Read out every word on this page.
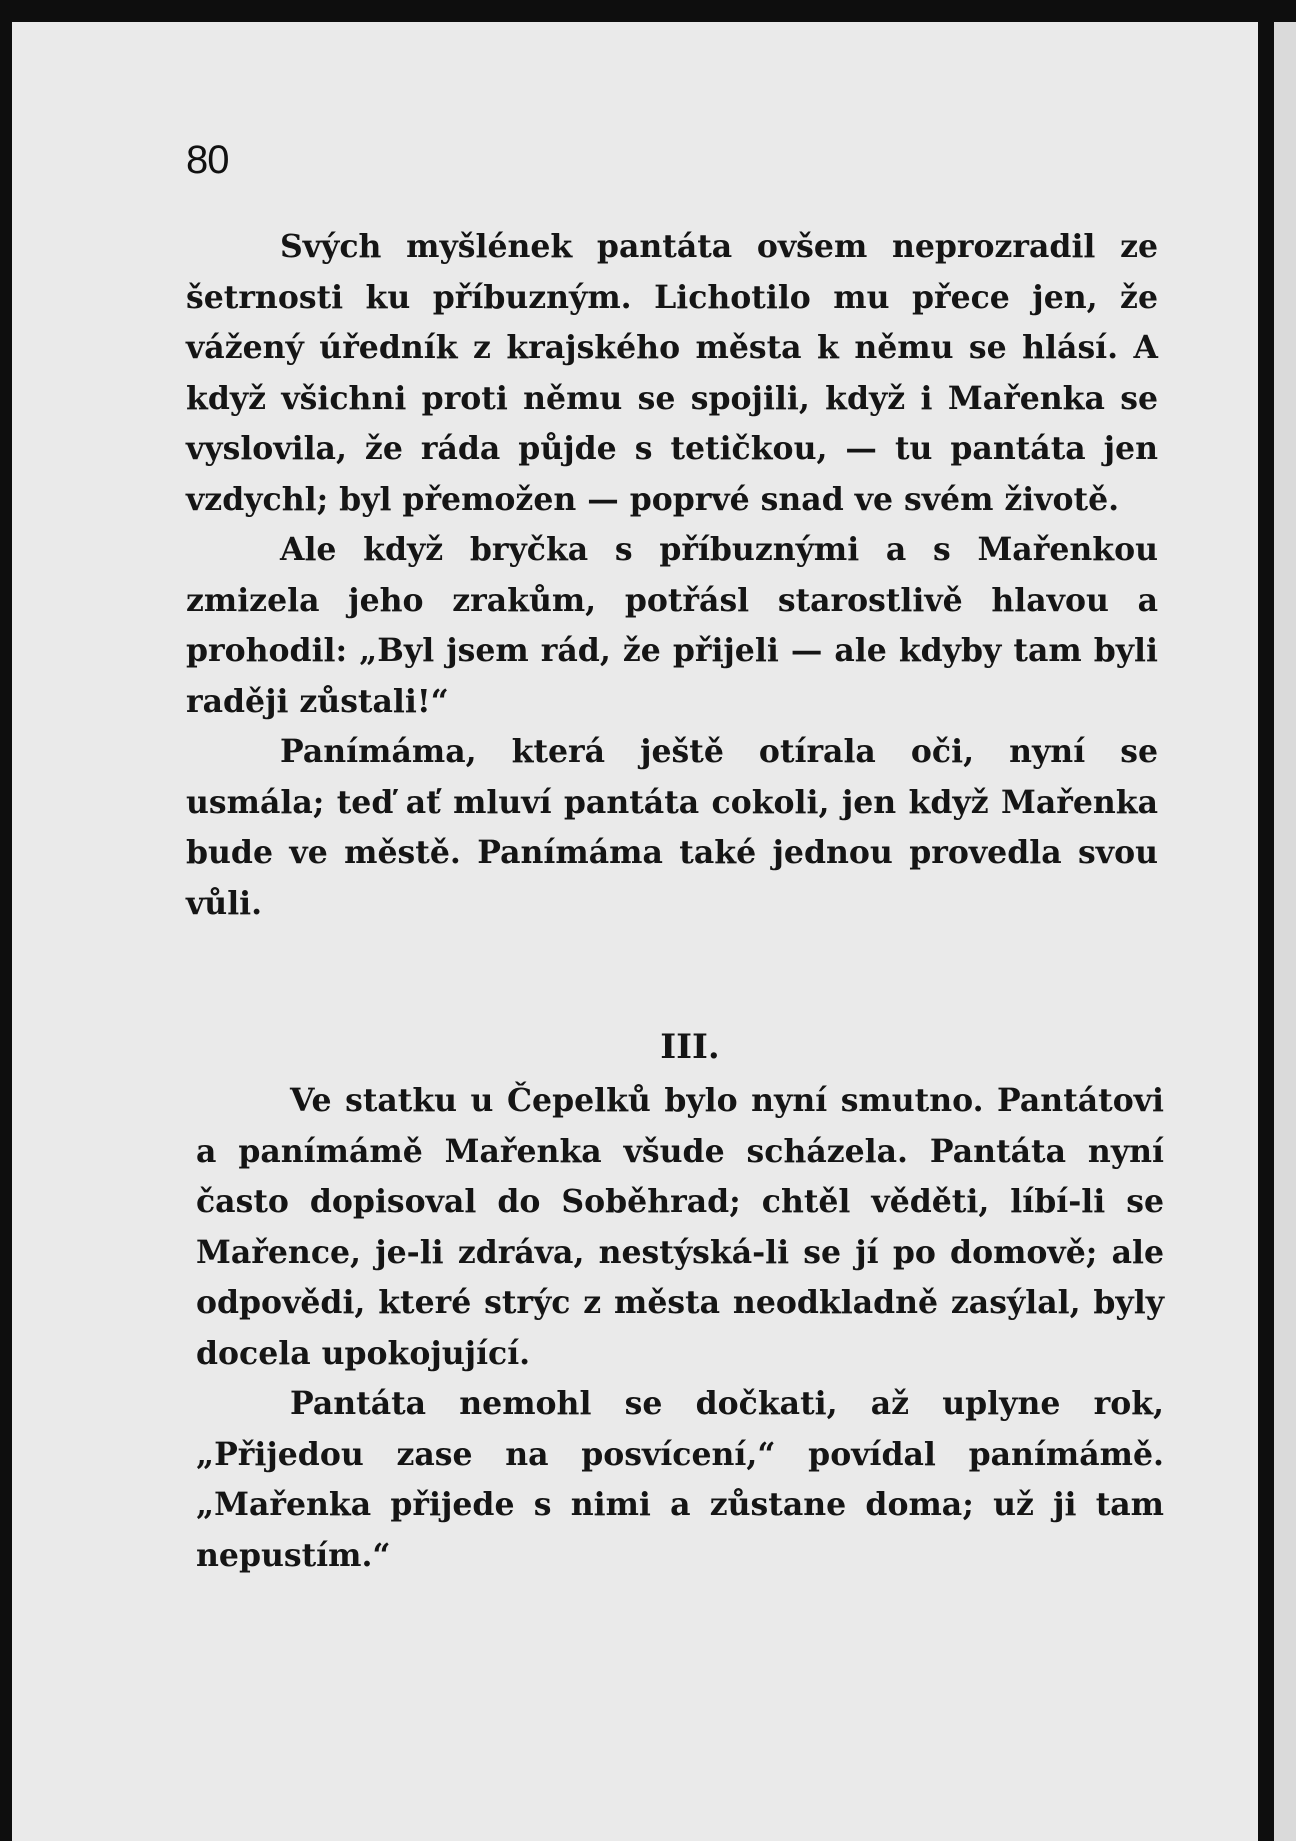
80

Svých myšlének pantáta ovšem neprozradil ze šetrnosti ku příbuzným. Lichotilo mu přece jen, že vážený úředník z krajského města k němu se hlásí. A když všichni proti němu se spojili, když i Mařenka se vyslovila, že ráda půjde s tetičkou, — tu pantáta jen vzdychl; byl přemožen — poprvé snad ve svém životě.

Ale když bryčka s příbuznými a s Mařenkou zmizela jeho zrakům, potřásl starostlivě hlavou a prohodil: „Byl jsem rád, že přijeli — ale kdyby tam byli raději zůstali!“

Panímáma, která ještě otírala oči, nyní se usmála; teď ať mluví pantáta cokoli, jen když Mařenka bude ve městě. Panímáma také jednou provedla svou vůli.

III.

Ve statku u Čepelků bylo nyní smutno. Pantátovi a panímámě Mařenka všude scházela. Pantáta nyní často dopisoval do Soběhrad; chtěl věděti, líbí-li se Mařence, je-li zdráva, nestýská-li se jí po domově; ale odpovědi, které strýc z města neodkladně zasýlal, byly docela upokojující.

Pantáta nemohl se dočkati, až uplyne rok, „Přijedou zase na posvícení,“ povídal panímámě. „Mařenka přijede s nimi a zůstane doma; už ji tam nepustím.“
